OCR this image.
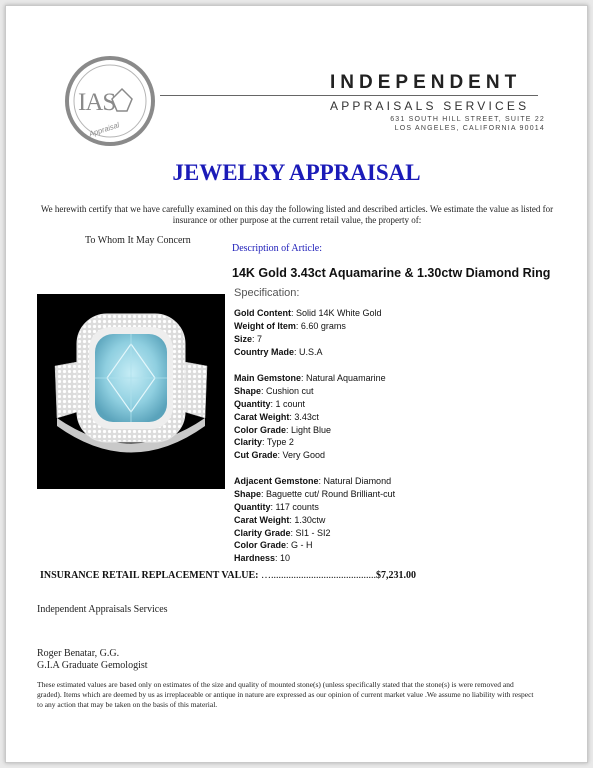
IAS
Appraisal
INDEPENDENT
APPRAISALS SERVICES
631 SOUTH HILL STREET, SUITE 22
LOS ANGELES, CALIFORNIA 90014
JEWELRY APPRAISAL
We herewith certify that we have carefully examined on this day the following listed and described articles. We estimate the value as listed for insurance or other purpose at the current retail value, the property of:
To Whom It May Concern
Description of Article:
14K Gold 3.43ct Aquamarine & 1.30ctw Diamond Ring
Specification:
Gold Content: Solid 14K White Gold
Weight of Item: 6.60 grams
Size: 7
Country Made: U.S.A
Main Gemstone: Natural Aquamarine
Shape: Cushion cut
Quantity: 1 count
Carat Weight: 3.43ct
Color Grade: Light Blue
Clarity: Type 2
Cut Grade: Very Good
Adjacent Gemstone: Natural Diamond
Shape: Baguette cut/ Round Brilliant-cut
Quantity: 117 counts
Carat Weight: 1.30ctw
Clarity Grade: SI1 - SI2
Color Grade: G - H
Hardness: 10
INSURANCE RETAIL REPLACEMENT VALUE: …..........................................$7,231.00
Independent Appraisals Services
Roger Benatar, G.G.
G.I.A Graduate Gemologist
These estimated values are based only on estimates of the size and quality of mounted stone(s) (unless specifically stated that the stone(s) is were removed and graded). Items which are deemed by us as irreplaceable or antique in nature are expressed as our opinion of current market value .We assume no liability with respect to any action that may be taken on the basis of this material.
